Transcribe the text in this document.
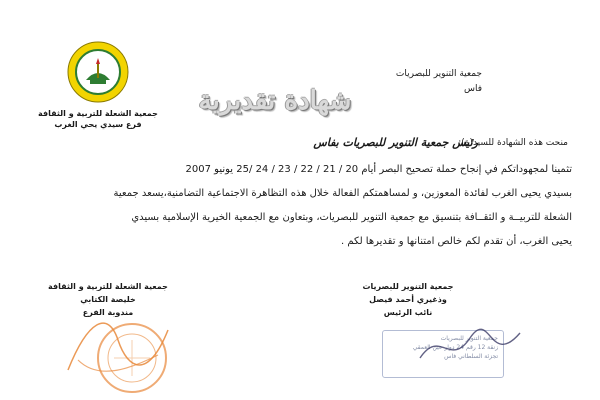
جمعية التنوير للبصريات
فاس
جمعية الشعلة للتربية و الثقافة
فرع سيدي يحي الغرب
شهادة تقديرية
منحت هذه الشهادة للسيد(ة):
رئيس جمعية التنوير للبصريات بفاس
تثمينا لمجهوداتكم في إنجاح حملة تصحيح البصر أيام 20 / 21 / 22 / 23 / 24 /25 يونيو 2007
بسيدي يحيى الغرب لفائدة المعوزين، و لمساهمتكم الفعالة خلال هذه التظاهرة الاجتماعية التضامنية،يسعد جمعية
الشعلة للتربيــة و الثقــافة بتنسيق مع جمعية التنوير للبصريات، وبتعاون مع الجمعية الخيرية الإسلامية بسيدي
يحيى الغرب، أن تقدم لكم خالص امتنانها و تقديرها لكم .
جمعية التنوير للبصريات
وذغيري أحمد فيصل
نائب الرئيس
جمعية الشعلة للتربية و الثقافة
خليصة الكتابي
مندوبة الفرع
جمعية التنوير للبصريات
زنقة 12 رقم 24 دوار عين العمقي
تجزئة السلطاني فاس
